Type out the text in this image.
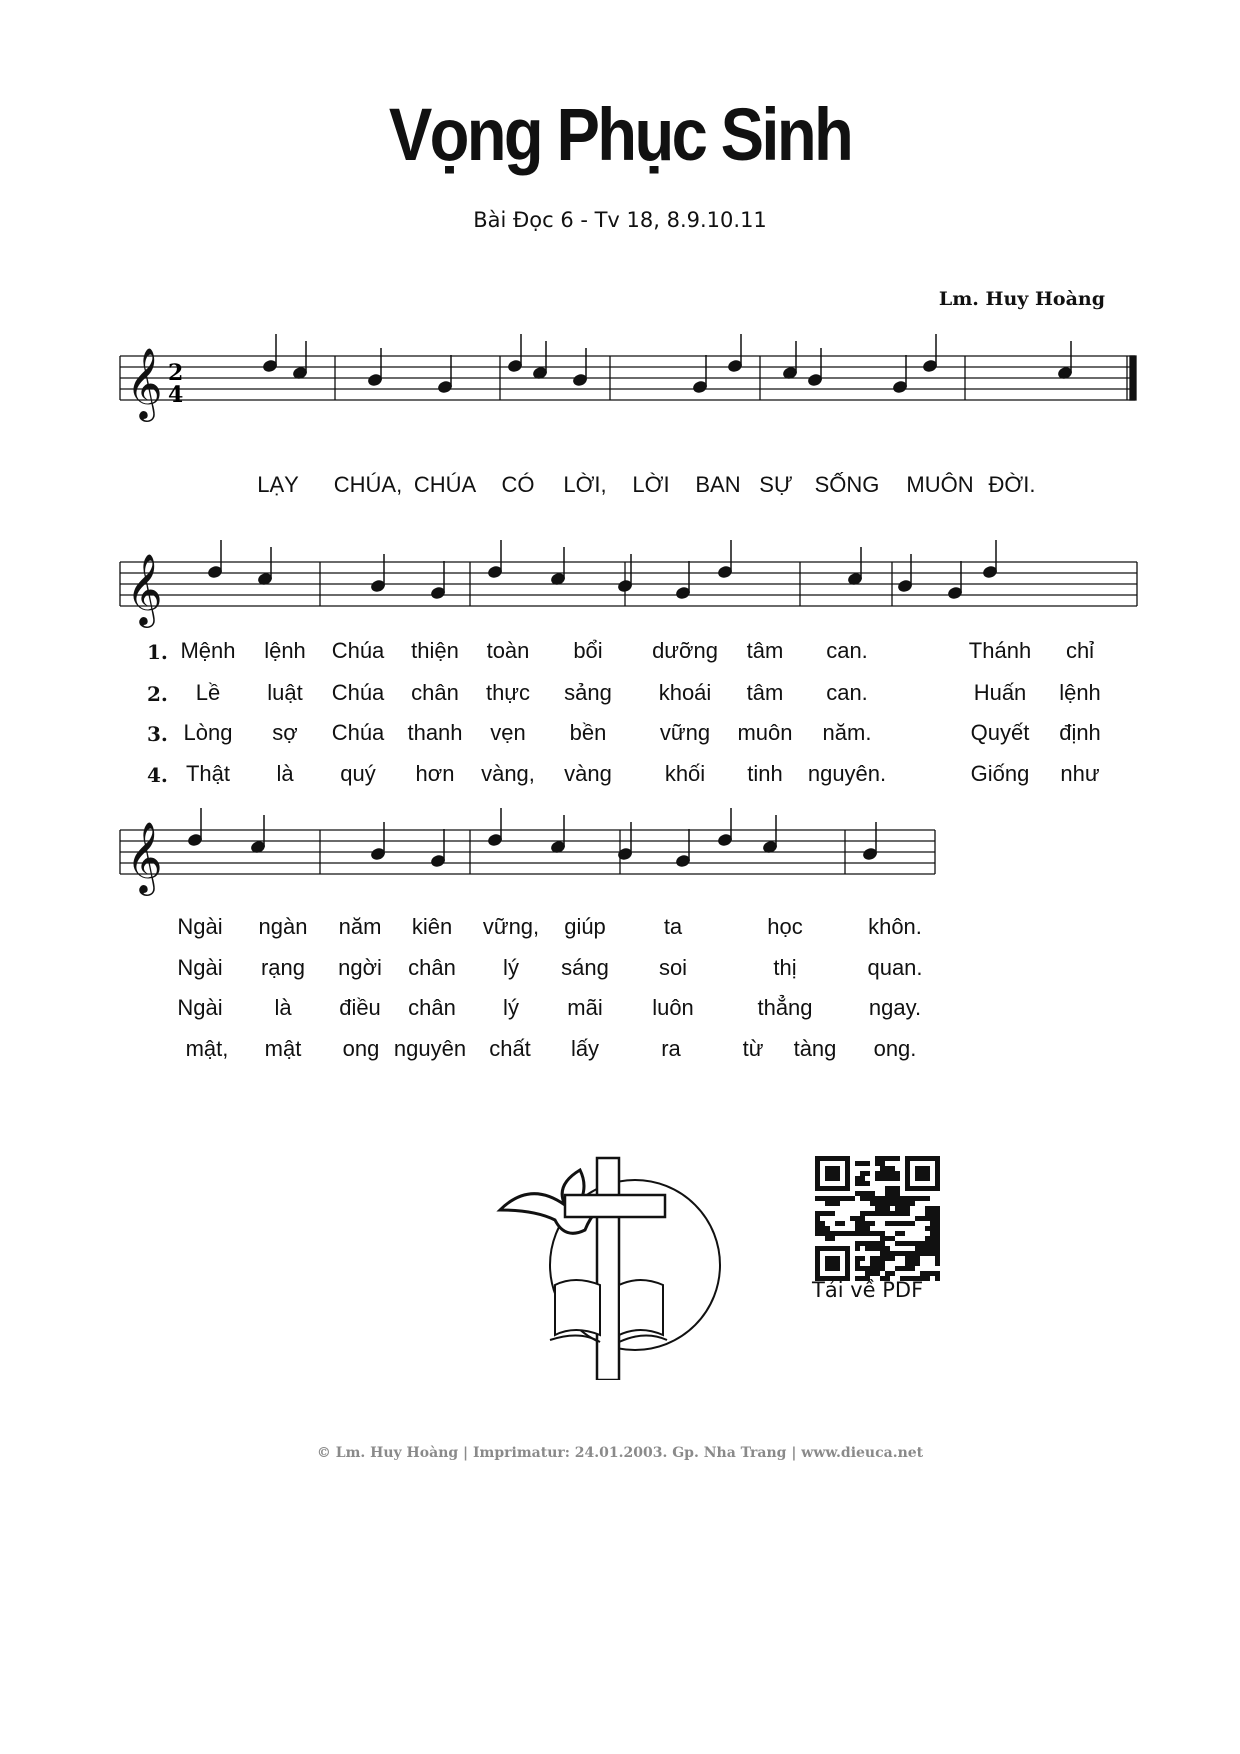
Vọng Phục Sinh
Bài Đọc 6 - Tv 18, 8.9.10.11
Lm. Huy Hoàng
𝄞
𝄞
𝄞
2
4
LẠY CHÚA, CHÚA CÓ LỜI, LỜI BAN SỰ SỐNG MUÔN ĐỜI.
1.
2.
3.
4.
Mệnh lệnh Chúa thiện toàn bổi dưỡng tâm can.	Thánh chỉ
Lề luật Chúa chân thực sảng khoái tâm can.	Huấn lệnh
Lòng sợ Chúa thanh vẹn bền vững muôn năm.	Quyết định
Thật là quý hơn vàng, vàng khối tinh nguyên.	Giống như
Ngài ngàn năm kiên vững, giúp	ta	học	khôn.
Ngài rạng ngời chân lý sáng soi	thị	quan.
Ngài là điều chân lý mãi luôn	thẳng	ngay.
mật, mật ong nguyên chất lấy	ra	từ tàng ong.
Tải về PDF
© Lm. Huy Hoàng | Imprimatur: 24.01.2003. Gp. Nha Trang | www.dieuca.net
